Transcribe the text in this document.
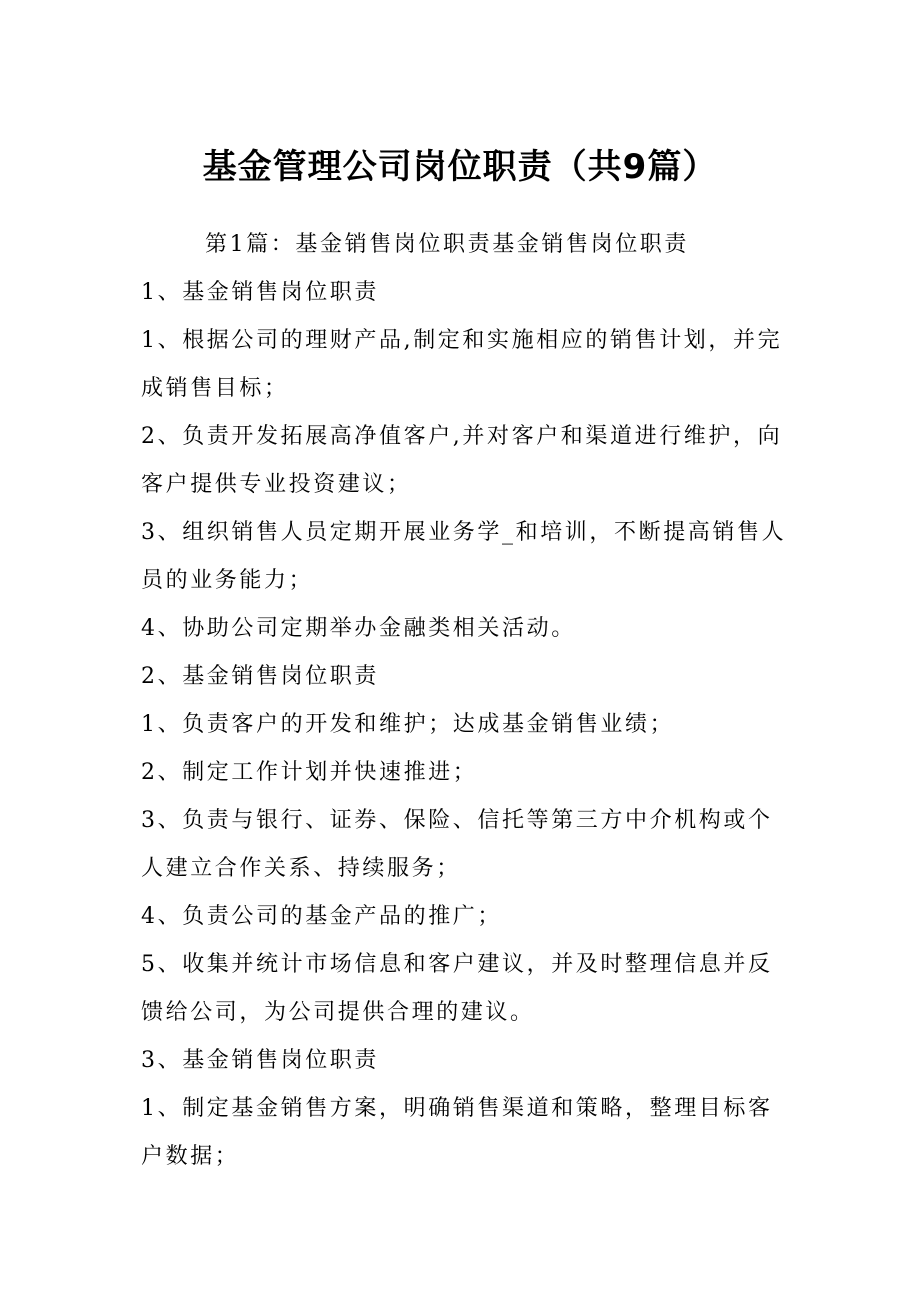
基金管理公司岗位职责（共9篇）

第1篇：基金销售岗位职责基金销售岗位职责

1、基金销售岗位职责

1、根据公司的理财产品,制定和实施相应的销售计划，并完成销售目标；

2、负责开发拓展高净值客户,并对客户和渠道进行维护，向客户提供专业投资建议；

3、组织销售人员定期开展业务学_和培训，不断提高销售人员的业务能力；

4、协助公司定期举办金融类相关活动。

2、基金销售岗位职责

1、负责客户的开发和维护；达成基金销售业绩；

2、制定工作计划并快速推进；

3、负责与银行、证券、保险、信托等第三方中介机构或个人建立合作关系、持续服务；

4、负责公司的基金产品的推广；

5、收集并统计市场信息和客户建议，并及时整理信息并反馈给公司，为公司提供合理的建议。

3、基金销售岗位职责

1、制定基金销售方案，明确销售渠道和策略，整理目标客户数据；
